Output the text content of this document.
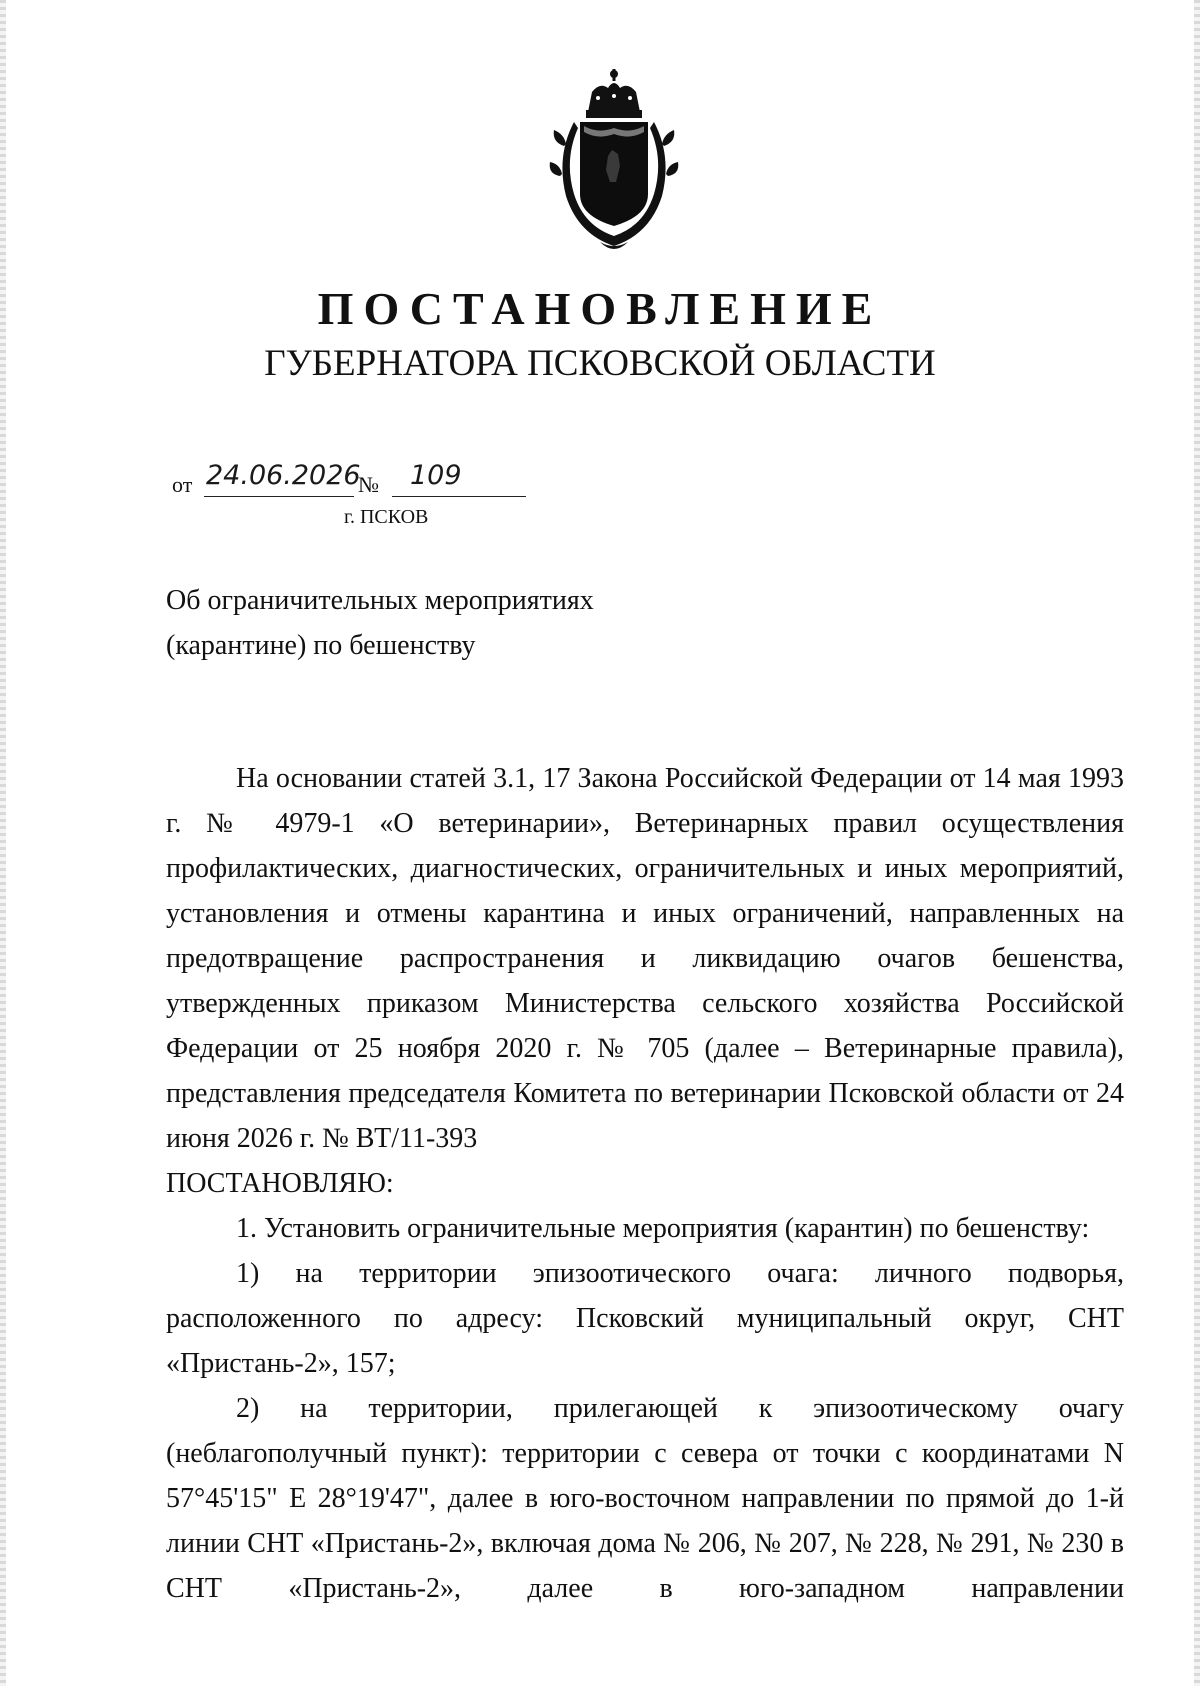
ПОСТАНОВЛЕНИЕ
ГУБЕРНАТОРА ПСКОВСКОЙ ОБЛАСТИ
от 24.06.2026
№ 109
г. ПСКОВ
Об ограничительных мероприятиях
(карантине) по бешенству

На основании статей 3.1, 17 Закона Российской Федерации от 14 мая 1993 г. № 4979-1 «О ветеринарии», Ветеринарных правил осуществления профилактических, диагностических, ограничительных и иных мероприятий, установления и отмены карантина и иных ограничений, направленных на предотвращение распространения и ликвидацию очагов бешенства, утвержденных приказом Министерства сельского хозяйства Российской Федерации от 25 ноября 2020 г. № 705 (далее – Ветеринарные правила), представления председателя Комитета по ветеринарии Псковской области от 24 июня 2026 г. № ВТ/11-393

ПОСТАНОВЛЯЮ:

1. Установить ограничительные мероприятия (карантин) по бешенству:

1) на территории эпизоотического очага: личного подворья, расположенного по адресу: Псковский муниципальный округ, СНТ «Пристань-2», 157;

2) на территории, прилегающей к эпизоотическому очагу (неблагополучный пункт): территории с севера от точки с координатами N 57°45'15" E 28°19'47", далее в юго-восточном направлении по прямой до 1-й линии СНТ «Пристань-2», включая дома № 206, № 207, № 228, № 291, № 230 в СНТ «Пристань-2», далее в юго-западном направлении
